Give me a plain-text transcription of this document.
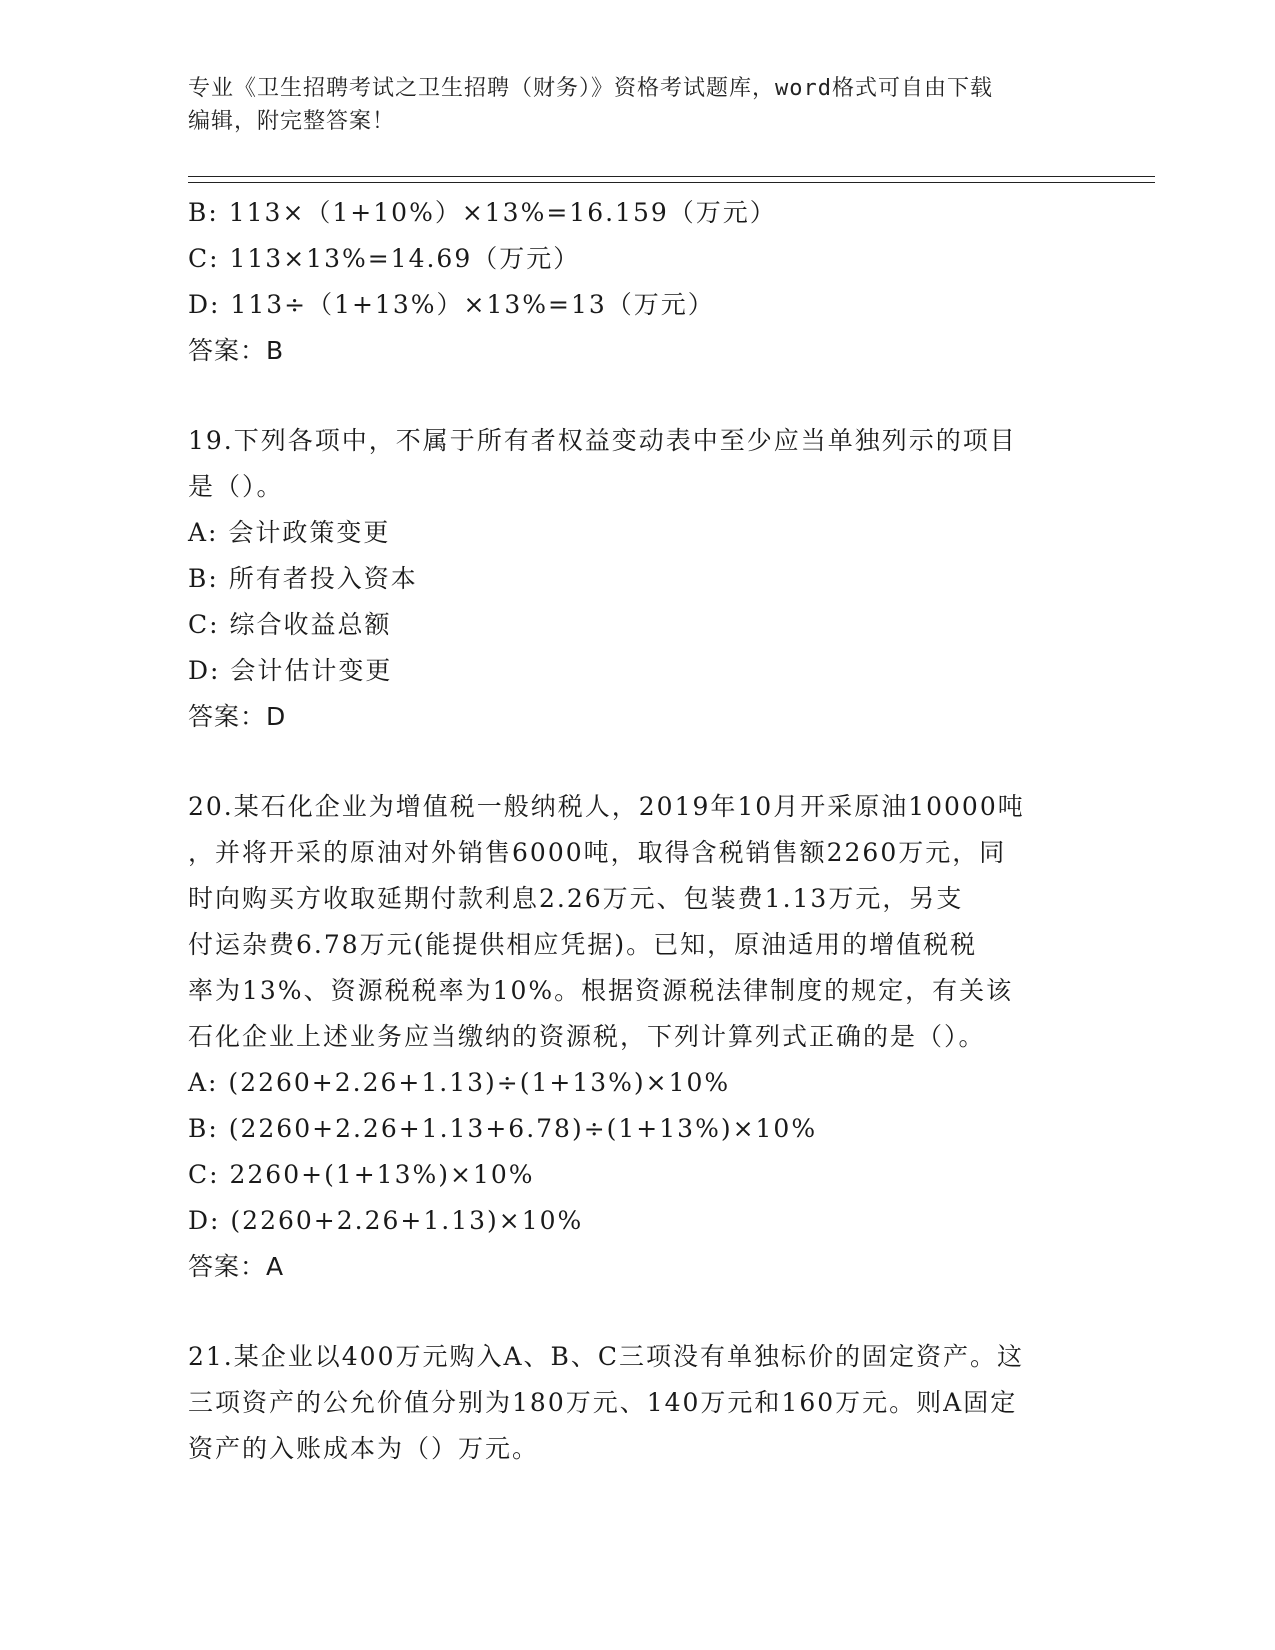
专业《卫生招聘考试之卫生招聘（财务）》资格考试题库，word格式可自由下载
编辑，附完整答案！
B: 113×（1+10%）×13%=16.159（万元）
C: 113×13%=14.69（万元）
D: 113÷（1+13%）×13%=13（万元）
答案：B
19.下列各项中，不属于所有者权益变动表中至少应当单独列示的项目
是（）。
A: 会计政策变更
B: 所有者投入资本
C: 综合收益总额
D: 会计估计变更
答案：D
20.某石化企业为增值税一般纳税人，2019年10月开采原油10000吨
，并将开采的原油对外销售6000吨，取得含税销售额2260万元，同
时向购买方收取延期付款利息2.26万元、包装费1.13万元，另支
付运杂费6.78万元(能提供相应凭据)。已知，原油适用的增值税税
率为13%、资源税税率为10%。根据资源税法律制度的规定，有关该
石化企业上述业务应当缴纳的资源税，下列计算列式正确的是（）。
A: (2260+2.26+1.13)÷(1+13%)×10%
B: (2260+2.26+1.13+6.78)÷(1+13%)×10%
C: 2260+(1+13%)×10%
D: (2260+2.26+1.13)×10%
答案：A
21.某企业以400万元购入A、B、C三项没有单独标价的固定资产。这
三项资产的公允价值分别为180万元、140万元和160万元。则A固定
资产的入账成本为（）万元。
